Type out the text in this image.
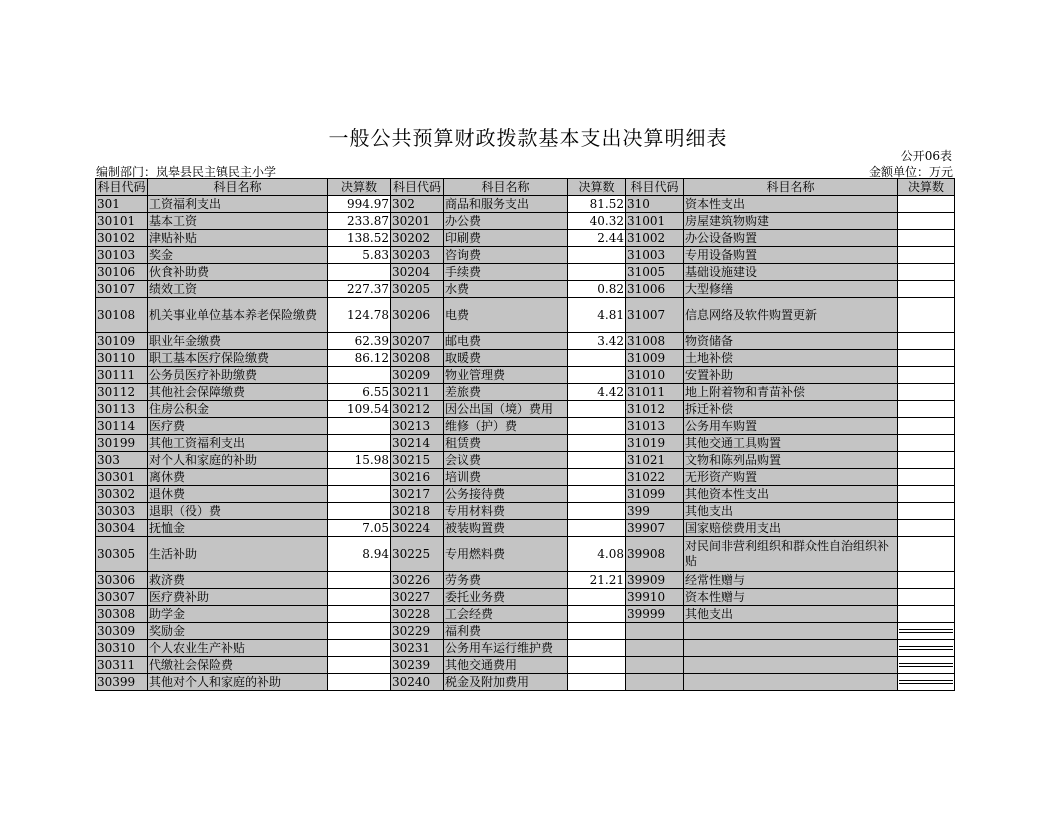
一般公共预算财政拨款基本支出决算明细表
公开06表
编制部门：岚皋县民主镇民主小学	金额单位：万元
科目代码	科目名称	决算数	科目代码	科目名称	决算数	科目代码	科目名称	决算数
301	工资福利支出	994.97	302	商品和服务支出	81.52	310	资本性支出	
30101	基本工资	233.87	30201	办公费	40.32	31001	房屋建筑物购建	
30102	津贴补贴	138.52	30202	印刷费	2.44	31002	办公设备购置	
30103	奖金	5.83	30203	咨询费		31003	专用设备购置	
30106	伙食补助费		30204	手续费		31005	基础设施建设	
30107	绩效工资	227.37	30205	水费	0.82	31006	大型修缮	
30108	机关事业单位基本养老保险缴费	124.78	30206	电费	4.81	31007	信息网络及软件购置更新	
30109	职业年金缴费	62.39	30207	邮电费	3.42	31008	物资储备	
30110	职工基本医疗保险缴费	86.12	30208	取暖费		31009	土地补偿	
30111	公务员医疗补助缴费		30209	物业管理费		31010	安置补助	
30112	其他社会保障缴费	6.55	30211	差旅费	4.42	31011	地上附着物和青苗补偿	
30113	住房公积金	109.54	30212	因公出国（境）费用		31012	拆迁补偿	
30114	医疗费		30213	维修（护）费		31013	公务用车购置	
30199	其他工资福利支出		30214	租赁费		31019	其他交通工具购置	
303	对个人和家庭的补助	15.98	30215	会议费		31021	文物和陈列品购置	
30301	离休费		30216	培训费		31022	无形资产购置	
30302	退休费		30217	公务接待费		31099	其他资本性支出	
30303	退职（役）费		30218	专用材料费		399	其他支出	
30304	抚恤金	7.05	30224	被装购置费		39907	国家赔偿费用支出	
30305	生活补助	8.94	30225	专用燃料费	4.08	39908	对民间非营利组织和群众性自治组织补贴	
30306	救济费		30226	劳务费	21.21	39909	经常性赠与	
30307	医疗费补助		30227	委托业务费		39910	资本性赠与	
30308	助学金		30228	工会经费		39999	其他支出	
30309	奖励金		30229	福利费				

30310	个人农业生产补贴		30231	公务用车运行维护费				

30311	代缴社会保险费		30239	其他交通费用				

30399	其他对个人和家庭的补助		30240	税金及附加费用				
